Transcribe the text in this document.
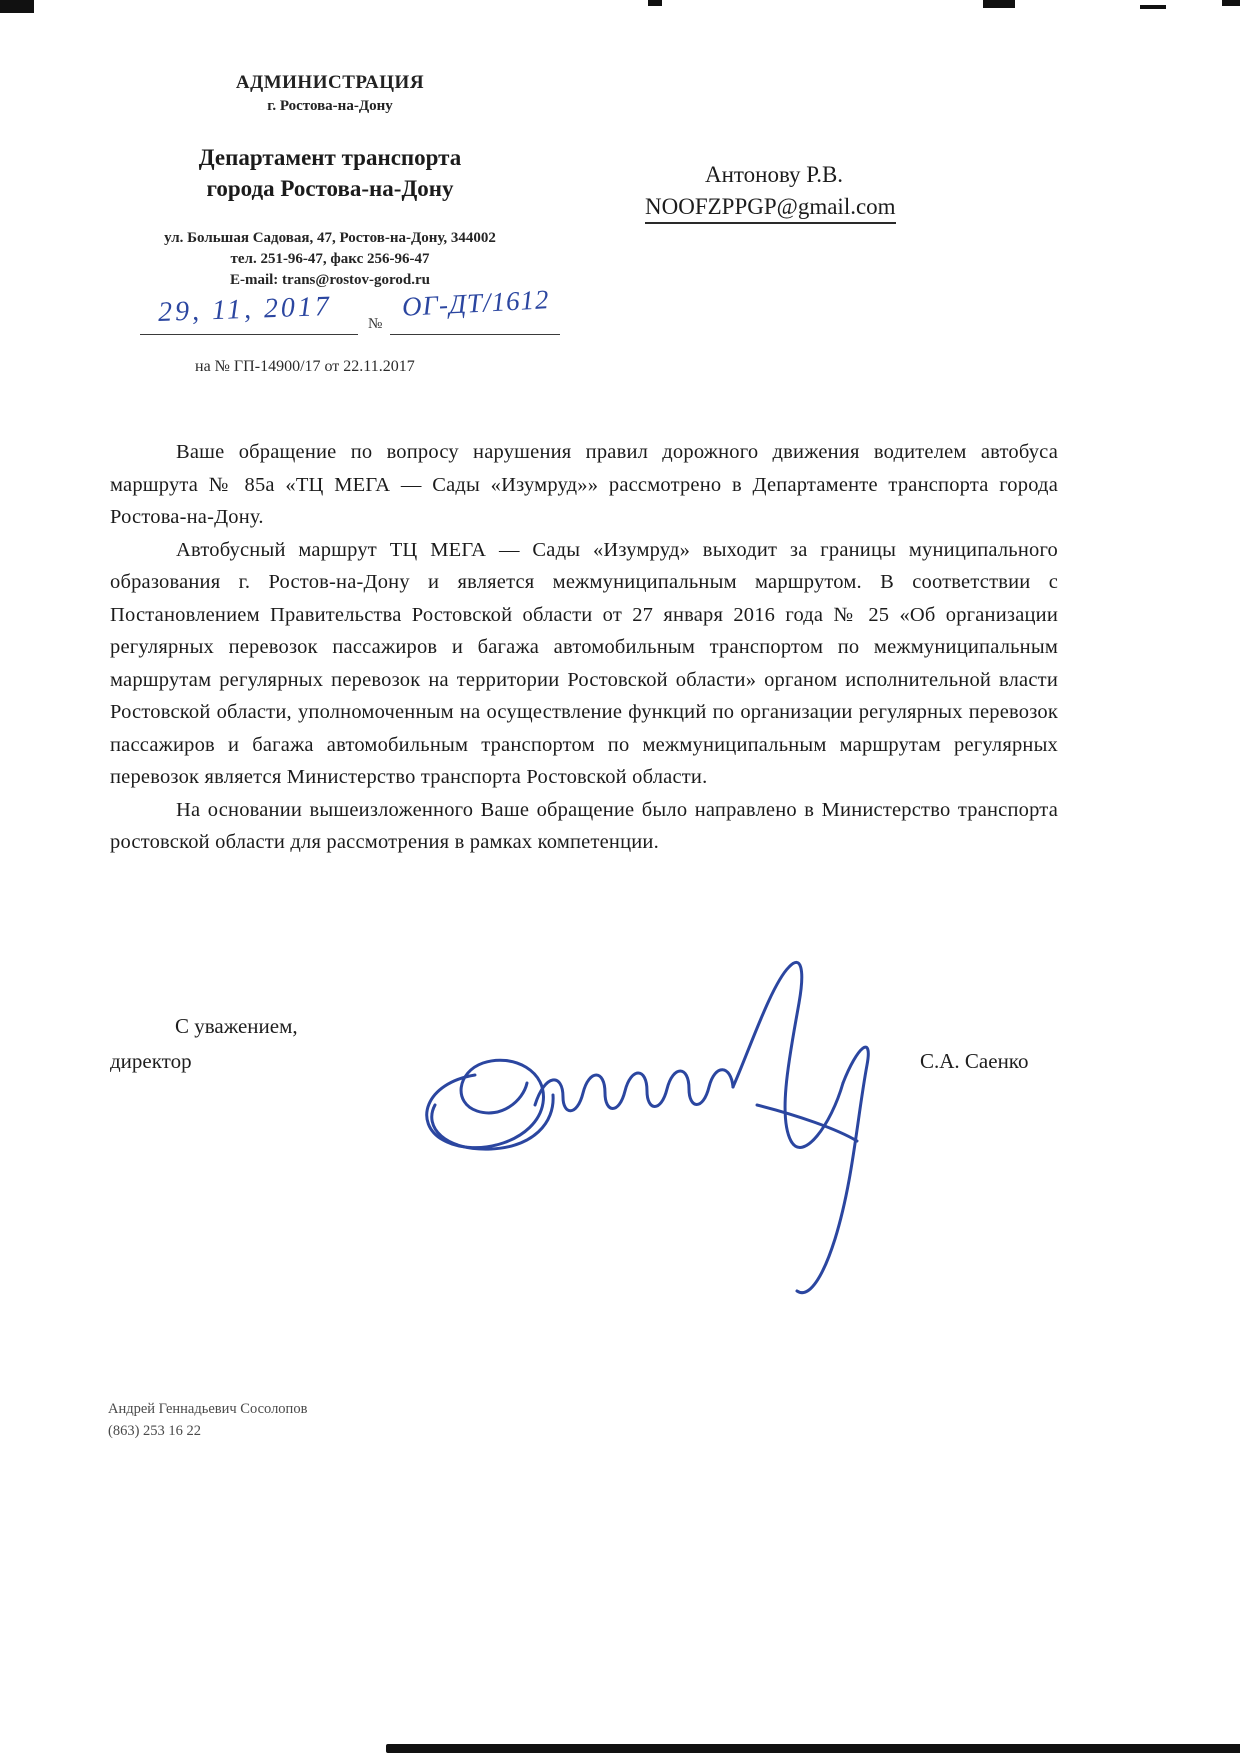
АДМИНИСТРАЦИЯ
г. Ростова-на-Дону
Департамент транспорта
города Ростова-на-Дону
ул. Большая Садовая, 47, Ростов-на-Дону, 344002
тел. 251-96-47, факс 256-96-47
E-mail: trans@rostov-gorod.ru
Антонову Р.В.
NOOFZPPGP@gmail.com
29, 11, 2017 №
ОГ-ДТ/1612
на № ГП-14900/17 от 22.11.2017

Ваше обращение по вопросу нарушения правил дорожного движения водителем автобуса маршрута № 85а «ТЦ МЕГА — Сады «Изумруд»» рассмотрено в Департаменте транспорта города Ростова-на-Дону.

Автобусный маршрут ТЦ МЕГА — Сады «Изумруд» выходит за границы муниципального образования г. Ростов-на-Дону и является межмуниципальным маршрутом. В соответствии с Постановлением Правительства Ростовской области от 27 января 2016 года № 25 «Об организации регулярных перевозок пассажиров и багажа автомобильным транспортом по межмуниципальным маршрутам регулярных перевозок на территории Ростовской области» органом исполнительной власти Ростовской области, уполномоченным на осуществление функций по организации регулярных перевозок пассажиров и багажа автомобильным транспортом по межмуниципальным маршрутам регулярных перевозок является Министерство транспорта Ростовской области.

На основании вышеизложенного Ваше обращение было направлено в Министерство транспорта ростовской области для рассмотрения в рамках компетенции.

С уважением,
директор	С.А. Саенко
Андрей Геннадьевич Сосолопов
(863) 253 16 22
